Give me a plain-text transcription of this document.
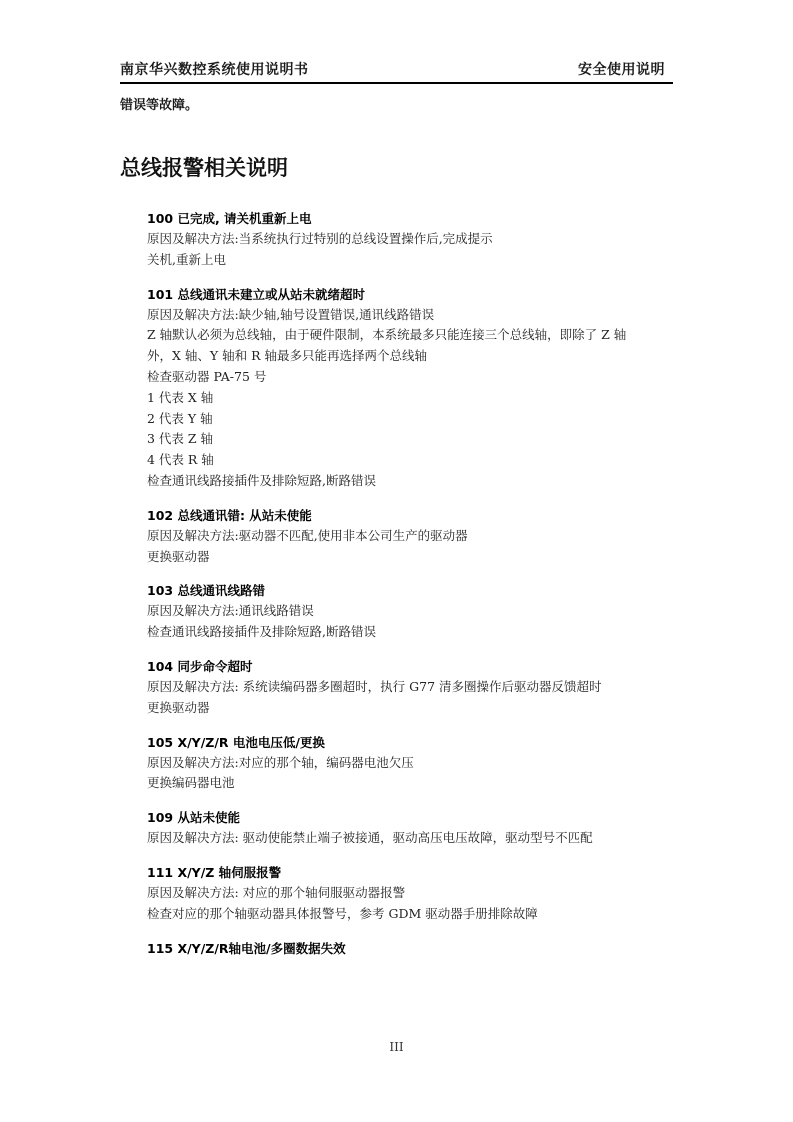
南京华兴数控系统使用说明书	安全使用说明
错误等故障。
总线报警相关说明
100 已完成, 请关机重新上电
原因及解决方法:当系统执行过特别的总线设置操作后,完成提示
关机,重新上电
101 总线通讯未建立或从站未就绪超时
原因及解决方法:缺少轴,轴号设置错误,通讯线路错误
Z 轴默认必须为总线轴，由于硬件限制，本系统最多只能连接三个总线轴，即除了 Z 轴
外，X 轴、Y 轴和 R 轴最多只能再选择两个总线轴
检查驱动器 PA-75 号
1 代表 X 轴
2 代表 Y 轴
3 代表 Z 轴
4 代表 R 轴
检查通讯线路接插件及排除短路,断路错误
102 总线通讯错: 从站未使能
原因及解决方法:驱动器不匹配,使用非本公司生产的驱动器
更换驱动器
103 总线通讯线路错
原因及解决方法:通讯线路错误
检查通讯线路接插件及排除短路,断路错误
104 同步命令超时
原因及解决方法: 系统读编码器多圈超时，执行 G77 清多圈操作后驱动器反馈超时
更换驱动器
105 X/Y/Z/R 电池电压低/更换
原因及解决方法:对应的那个轴，编码器电池欠压
更换编码器电池
109 从站未使能
原因及解决方法: 驱动使能禁止端子被接通，驱动高压电压故障，驱动型号不匹配
111 X/Y/Z 轴伺服报警
原因及解决方法: 对应的那个轴伺服驱动器报警
检查对应的那个轴驱动器具体报警号，参考 GDM 驱动器手册排除故障
115 X/Y/Z/R轴电池/多圈数据失效
III
